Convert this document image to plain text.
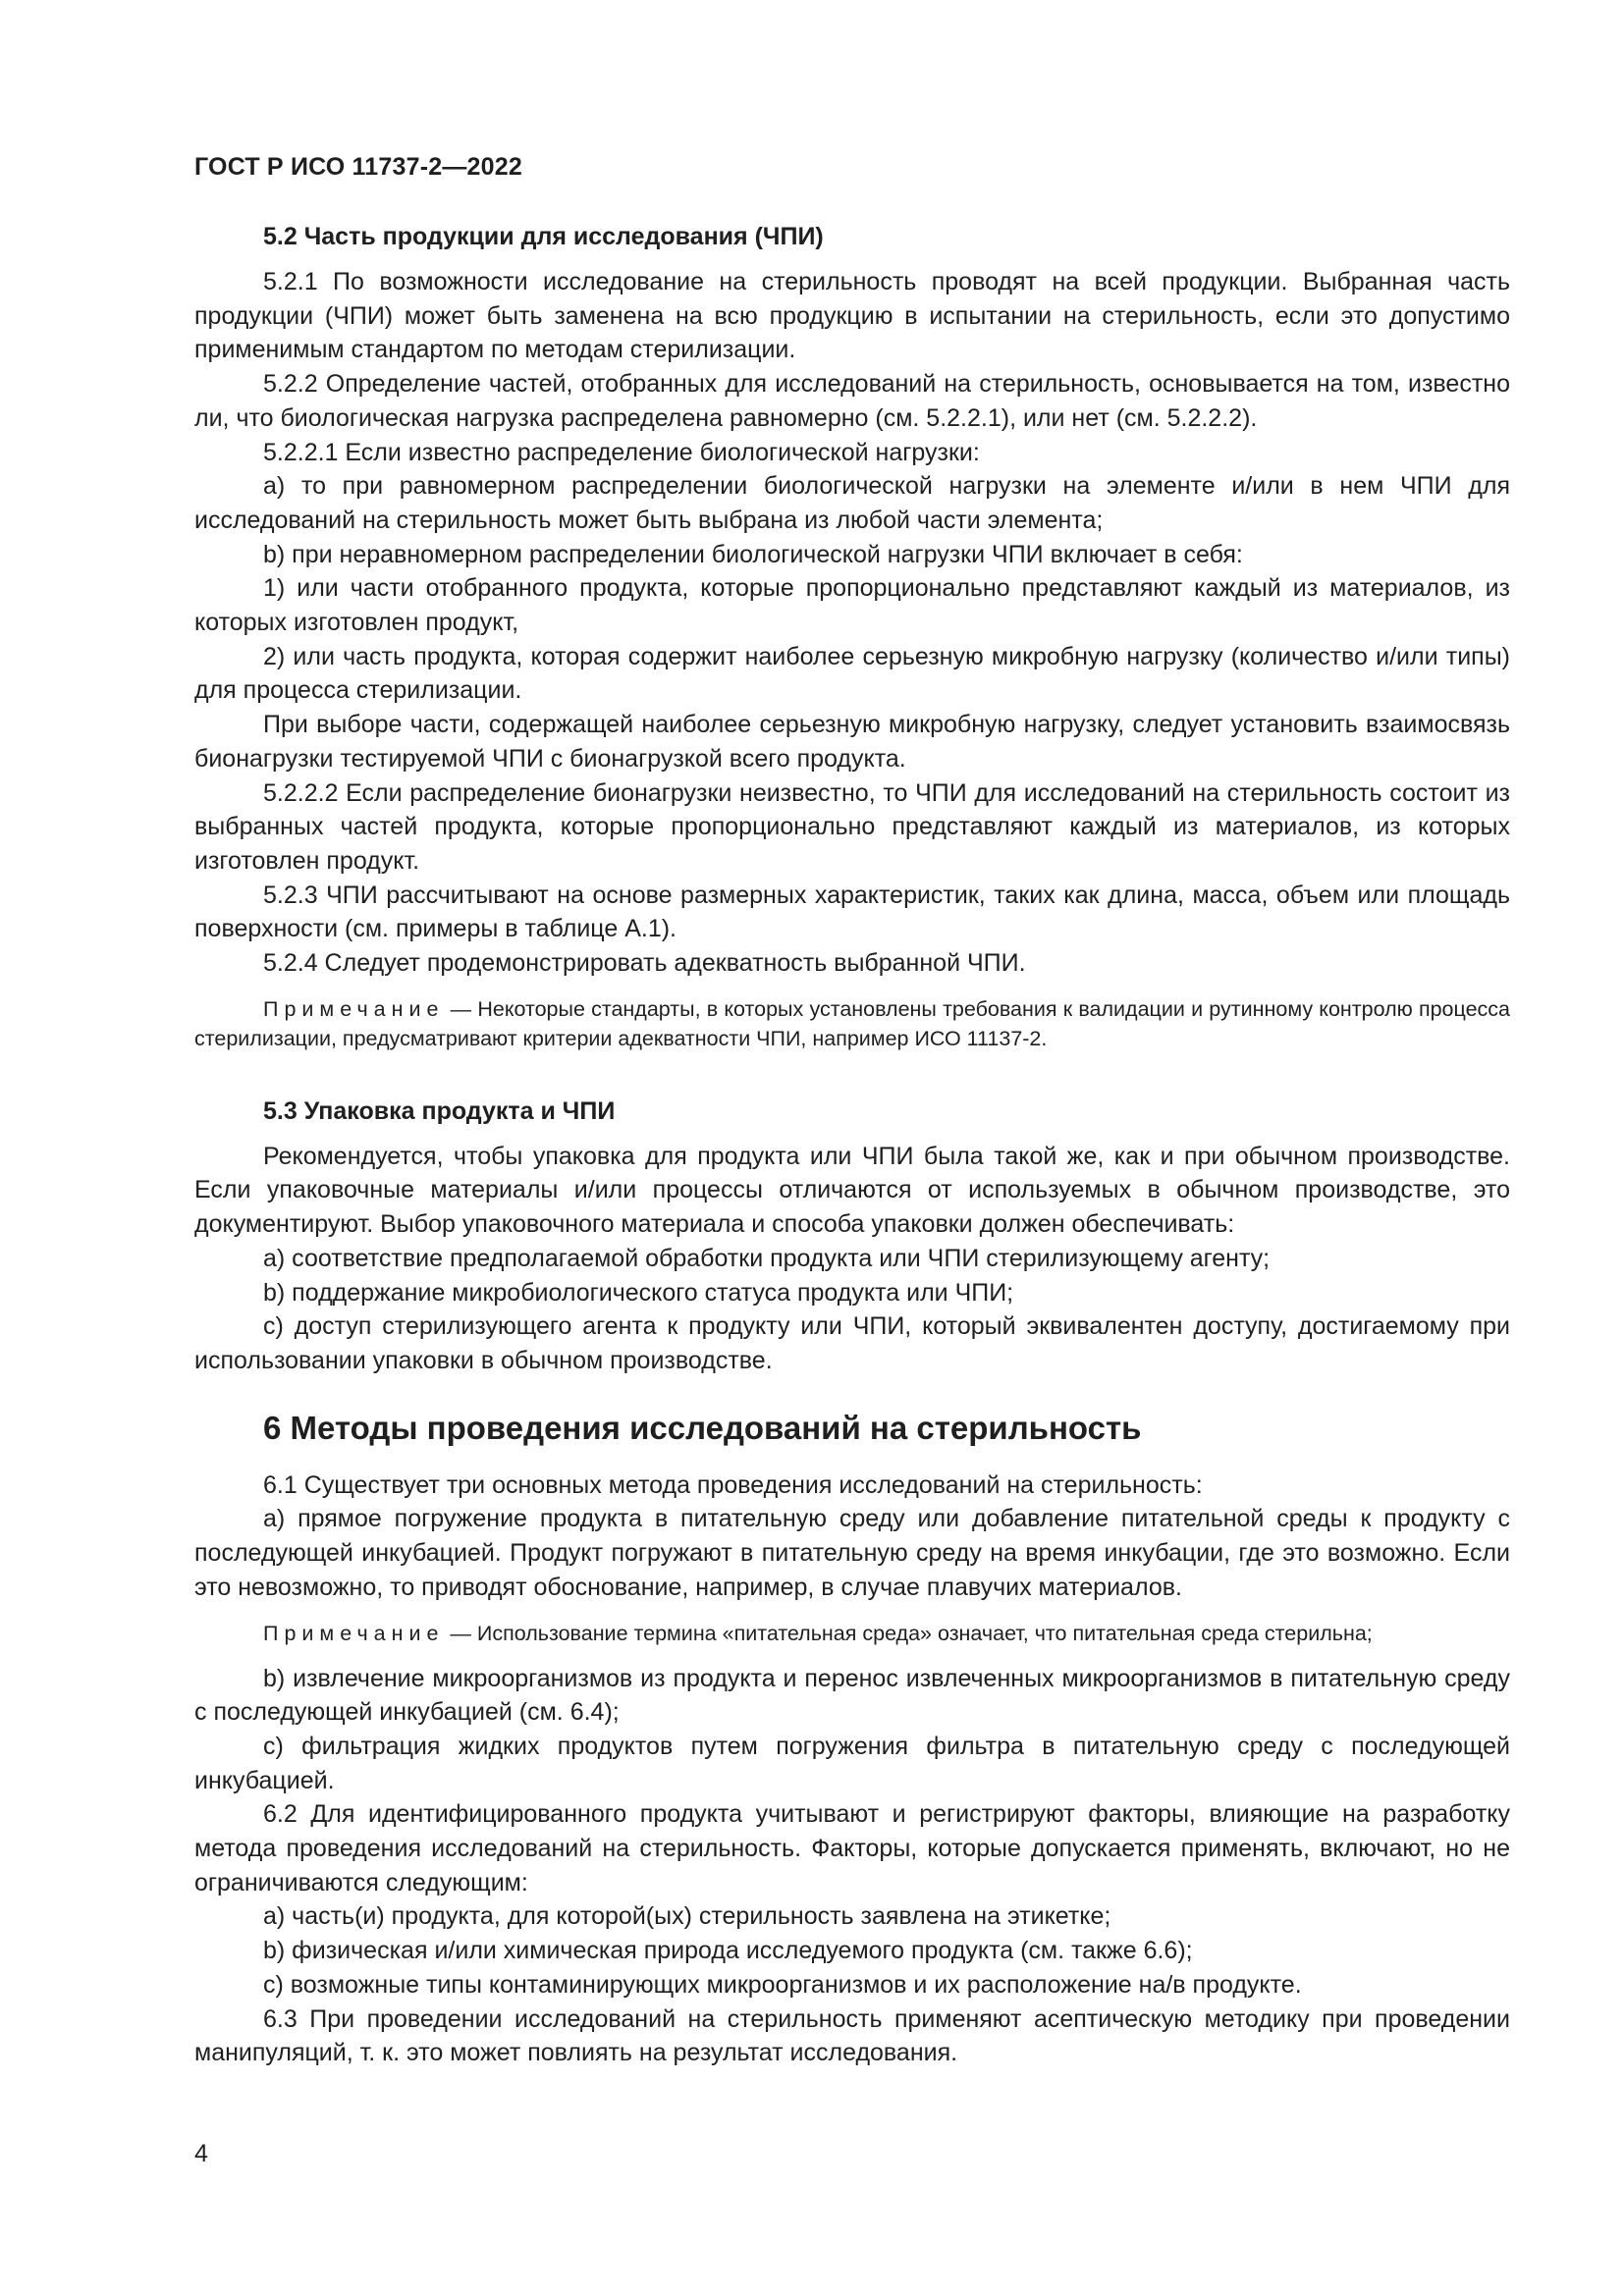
ГОСТ Р ИСО 11737-2—2022
5.2 Часть продукции для исследования (ЧПИ)

5.2.1 По возможности исследование на стерильность проводят на всей продукции. Выбранная часть продукции (ЧПИ) может быть заменена на всю продукцию в испытании на стерильность, если это допустимо применимым стандартом по методам стерилизации.

5.2.2 Определение частей, отобранных для исследований на стерильность, основывается на том, известно ли, что биологическая нагрузка распределена равномерно (см. 5.2.2.1), или нет (см. 5.2.2.2).

5.2.2.1 Если известно распределение биологической нагрузки:

a) то при равномерном распределении биологической нагрузки на элементе и/или в нем ЧПИ для исследований на стерильность может быть выбрана из любой части элемента;

b) при неравномерном распределении биологической нагрузки ЧПИ включает в себя:

1) или части отобранного продукта, которые пропорционально представляют каждый из материалов, из которых изготовлен продукт,

2) или часть продукта, которая содержит наиболее серьезную микробную нагрузку (количество и/или типы) для процесса стерилизации.

При выборе части, содержащей наиболее серьезную микробную нагрузку, следует установить взаимосвязь бионагрузки тестируемой ЧПИ с бионагрузкой всего продукта.

5.2.2.2 Если распределение бионагрузки неизвестно, то ЧПИ для исследований на стерильность состоит из выбранных частей продукта, которые пропорционально представляют каждый из материалов, из которых изготовлен продукт.

5.2.3 ЧПИ рассчитывают на основе размерных характеристик, таких как длина, масса, объем или площадь поверхности (см. примеры в таблице А.1).

5.2.4 Следует продемонстрировать адекватность выбранной ЧПИ.

Примечание — Некоторые стандарты, в которых установлены требования к валидации и рутинному контролю процесса стерилизации, предусматривают критерии адекватности ЧПИ, например ИСО 11137-2.

5.3 Упаковка продукта и ЧПИ

Рекомендуется, чтобы упаковка для продукта или ЧПИ была такой же, как и при обычном производстве. Если упаковочные материалы и/или процессы отличаются от используемых в обычном производстве, это документируют. Выбор упаковочного материала и способа упаковки должен обеспечивать:

a) соответствие предполагаемой обработки продукта или ЧПИ стерилизующему агенту;

b) поддержание микробиологического статуса продукта или ЧПИ;

c) доступ стерилизующего агента к продукту или ЧПИ, который эквивалентен доступу, достигаемому при использовании упаковки в обычном производстве.

6 Методы проведения исследований на стерильность

6.1 Существует три основных метода проведения исследований на стерильность:

a) прямое погружение продукта в питательную среду или добавление питательной среды к продукту с последующей инкубацией. Продукт погружают в питательную среду на время инкубации, где это возможно. Если это невозможно, то приводят обоснование, например, в случае плавучих материалов.

Примечание — Использование термина «питательная среда» означает, что питательная среда стерильна;

b) извлечение микроорганизмов из продукта и перенос извлеченных микроорганизмов в питательную среду с последующей инкубацией (см. 6.4);

c) фильтрация жидких продуктов путем погружения фильтра в питательную среду с последующей инкубацией.

6.2 Для идентифицированного продукта учитывают и регистрируют факторы, влияющие на разработку метода проведения исследований на стерильность. Факторы, которые допускается применять, включают, но не ограничиваются следующим:

a) часть(и) продукта, для которой(ых) стерильность заявлена на этикетке;

b) физическая и/или химическая природа исследуемого продукта (см. также 6.6);

c) возможные типы контаминирующих микроорганизмов и их расположение на/в продукте.

6.3 При проведении исследований на стерильность применяют асептическую методику при проведении манипуляций, т. к. это может повлиять на результат исследования.

4
